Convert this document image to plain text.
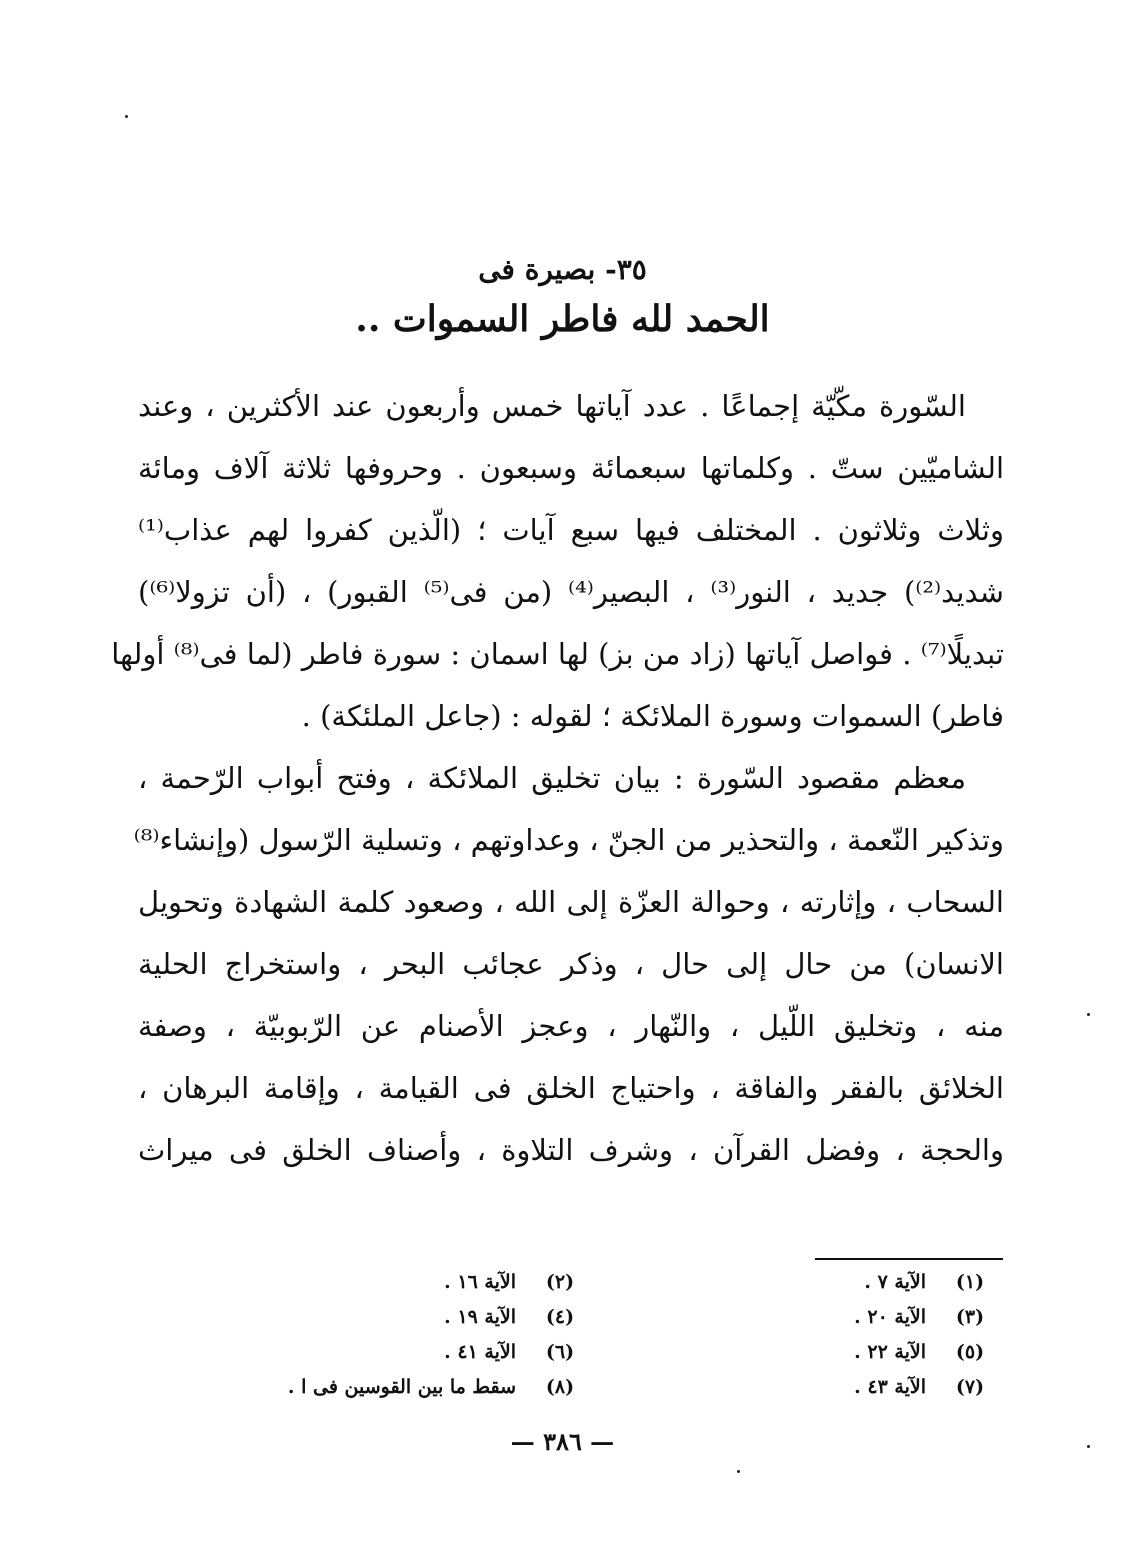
٣٥- بصيرة فى
الحمد لله فاطر السموات ..
السّورة مكّيّة إجماعًا . عدد آياتها خمس وأربعون عند الأكثرين ، وعند
الشاميّين ستّ . وكلماتها سبعمائة وسبعون . وحروفها ثلاثة آلاف ومائة
وثلاث وثلاثون . المختلف فيها سبع آيات ؛ (الّذين كفروا لهم عذاب⁽¹⁾
شديد⁽²⁾) جديد ، النور⁽³⁾ ، البصير⁽⁴⁾ (من فى⁽⁵⁾ القبور) ، (أن تزولا⁽⁶⁾)
تبديلًا⁽⁷⁾ . فواصل آياتها (زاد من بز) لها اسمان : سورة فاطر (لما فى⁽⁸⁾ أولها
فاطر) السموات وسورة الملائكة ؛ لقوله : (جاعل الملئكة) .
معظم مقصود السّورة : بيان تخليق الملائكة ، وفتح أبواب الرّحمة ،
وتذكير النّعمة ، والتحذير من الجنّ ، وعداوتهم ، وتسلية الرّسول (وإنشاء⁽⁸⁾
السحاب ، وإثارته ، وحوالة العزّة إلى الله ، وصعود كلمة الشهادة وتحويل
الانسان) من حال إلى حال ، وذكر عجائب البحر ، واستخراج الحلية
منه ، وتخليق اللّيل ، والنّهار ، وعجز الأصنام عن الرّبوبيّة ، وصفة
الخلائق بالفقر والفاقة ، واحتياج الخلق فى القيامة ، وإقامة البرهان ،
والحجة ، وفضل القرآن ، وشرف التلاوة ، وأصناف الخلق فى ميراث
(١)
الآية ٧ .
(٢)
الآية ١٦ .
(٣)
الآية ٢٠ .
(٤)
الآية ١٩ .
(٥)
الآية ٢٢ .
(٦)
الآية ٤١ .
(٧)
الآية ٤٣ .
(٨)
سقط ما بين القوسين فى ا .
— ٣٨٦ —
